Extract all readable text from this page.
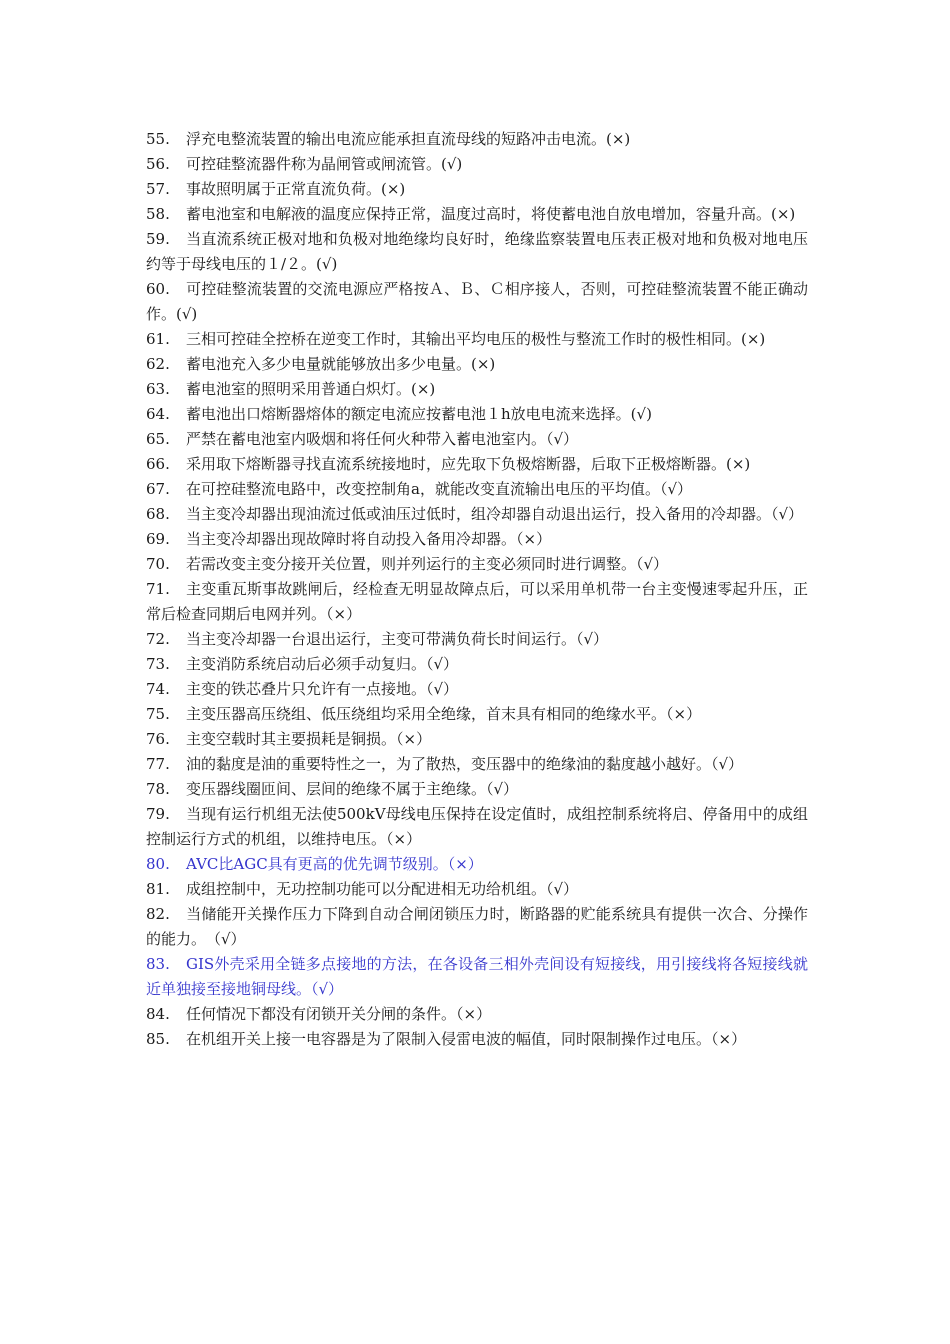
55. 浮充电整流装置的输出电流应能承担直流母线的短路冲击电流。(×)

56. 可控硅整流器件称为晶闸管或闸流管。(√)

57. 事故照明属于正常直流负荷。(×)

58. 蓄电池室和电解液的温度应保持正常，温度过高时，将使蓄电池自放电增加，容量升高。(×)

59. 当直流系统正极对地和负极对地绝缘均良好时，绝缘监察装置电压表正极对地和负极对地电压约等于母线电压的１/２。(√)

60. 可控硅整流装置的交流电源应严格按Ａ、Ｂ、Ｃ相序接人，否则，可控硅整流装置不能正确动作。(√)

61. 三相可控硅全控桥在逆变工作时，其输出平均电压的极性与整流工作时的极性相同。(×)

62. 蓄电池充入多少电量就能够放出多少电量。(×)

63. 蓄电池室的照明采用普通白炽灯。(×)

64. 蓄电池出口熔断器熔体的额定电流应按蓄电池１h放电电流来选择。(√)

65. 严禁在蓄电池室内吸烟和将任何火种带入蓄电池室内。（√）

66. 采用取下熔断器寻找直流系统接地时，应先取下负极熔断器，后取下正极熔断器。(×)

67. 在可控硅整流电路中，改变控制角a，就能改变直流输出电压的平均值。（√）

68. 当主变冷却器出现油流过低或油压过低时，组冷却器自动退出运行，投入备用的冷却器。（√）

69. 当主变冷却器出现故障时将自动投入备用冷却器。（×）

70. 若需改变主变分接开关位置，则并列运行的主变必须同时进行调整。（√）

71. 主变重瓦斯事故跳闸后，经检查无明显故障点后，可以采用单机带一台主变慢速零起升压，正常后检查同期后电网并列。（×）

72. 当主变冷却器一台退出运行，主变可带满负荷长时间运行。（√）

73. 主变消防系统启动后必须手动复归。（√）

74. 主变的铁芯叠片只允许有一点接地。（√）

75. 主变压器高压绕组、低压绕组均采用全绝缘，首末具有相同的绝缘水平。（×）

76. 主变空载时其主要损耗是铜损。（×）

77. 油的黏度是油的重要特性之一，为了散热，变压器中的绝缘油的黏度越小越好。（√）

78. 变压器线圈匝间、层间的绝缘不属于主绝缘。（√）

79. 当现有运行机组无法使500kV母线电压保持在设定值时，成组控制系统将启、停备用中的成组控制运行方式的机组，以维持电压。（×）

80. AVC比AGC具有更高的优先调节级别。（×）

81. 成组控制中，无功控制功能可以分配进相无功给机组。（√）

82. 当储能开关操作压力下降到自动合闸闭锁压力时，断路器的贮能系统具有提供一次合、分操作的能力。　（√）

83. GIS外壳采用全链多点接地的方法，在各设备三相外壳间设有短接线，用引接线将各短接线就近单独接至接地铜母线。（√）

84. 任何情况下都没有闭锁开关分闸的条件。（×）

85. 在机组开关上接一电容器是为了限制入侵雷电波的幅值，同时限制操作过电压。（×）
